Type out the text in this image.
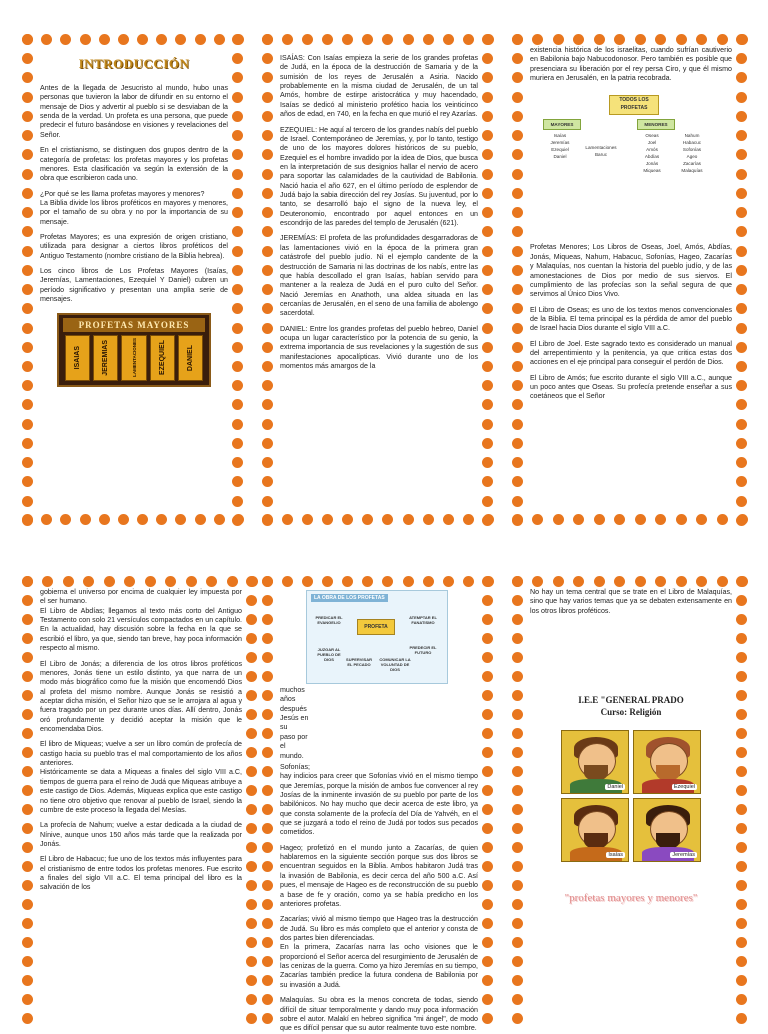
INTRODUCCIÓN

Antes de la llegada de Jesucristo al mundo, hubo unas personas que tuvieron la labor de difundir en su entorno el mensaje de Dios y advertir al pueblo si se desviaban de la senda de la verdad. Un profeta es una persona, que puede predecir el futuro basándose en visiones y revelaciones del Señor.

En el cristianismo, se distinguen dos grupos dentro de la categoría de profetas: los profetas mayores y los profetas menores. Esta clasificación va según la extensión de la obra que escribieron cada uno.

¿Por qué se les llama profetas mayores y menores?
La Biblia divide los libros proféticos en mayores y menores, por el tamaño de su obra y no por la importancia de su mensaje.

Profetas Mayores; es una expresión de origen cristiano, utilizada para designar a ciertos libros proféticos del Antiguo Testamento (nombre cristiano de la Biblia hebrea).

Los cinco libros de Los Profetas Mayores (Isaías, Jeremías, Lamentaciones, Ezequiel Y Daniel) cubren un período significativo y presentan una amplia serie de mensajes.

PROFETAS MAYORES
ISAIAS	JEREMIAS	LAMENTACIONES	EZEQUIEL	DANIEL

ISAÍAS: Con Isaías empieza la serie de los grandes profetas de Judá, en la época de la destrucción de Samaria y de la sumisión de los reyes de Jerusalén a Asiria. Nacido probablemente en la misma ciudad de Jerusalén, de un tal Amós, hombre de estirpe aristocrática y muy hacendado, Isaías se dedicó al ministerio profético hacia los veinticinco años de edad, en 740, en la fecha en que murió el rey Azarías.

EZEQUIEL: He aquí al tercero de los grandes nabís del pueblo de Israel. Contemporáneo de Jeremías, y, por lo tanto, testigo de uno de los mayores dolores históricos de su pueblo, Ezequiel es el hombre invadido por la idea de Dios, que busca en la interpretación de sus designios hallar el nervio de acero para soportar las calamidades de la cautividad de Babilonia. Nació hacia el año 627, en el último período de esplendor de Judá bajo la sabia dirección del rey Josías. Su juventud, por lo tanto, se desarrolló bajo el signo de la nueva ley, el Deuteronomio, encontrado por aquel entonces en un escondrijo de las paredes del templo de Jerusalén (621).

JEREMÍAS: El profeta de las profundidades desgarradoras de las lamentaciones vivió en la época de la primera gran catástrofe del pueblo judío. Ni el ejemplo candente de la destrucción de Samaria ni las doctrinas de los nabís, entre las que había descollado el gran Isaías, habían servido para mantener a la realeza de Judá en el puro culto del Señor. Nació Jeremías en Anathoth, una aldea situada en las cercanías de Jerusalén, en el seno de una familia de abolengo sacerdotal.

DANIEL: Entre los grandes profetas del pueblo hebreo, Daniel ocupa un lugar característico por la potencia de su genio, la extrema importancia de sus revelaciones y la sugestión de sus manifestaciones apocalípticas. Vivió durante uno de los momentos más amargos de la

existencia histórica de los israelitas, cuando sufrían cautiverio en Babilonia bajo Nabucodonosor. Pero también es posible que presenciara su liberación por el rey persa Ciro, y que él mismo muriera en Jerusalén, en la patria recobrada.

TODOS LOS PROFETAS
MAYORES	MENORES
Isaías
Jeremías
Ezequiel
Daniel
Lamentaciones
Baruc
Oseas
Joel
Amós
Abdías
Jonás
Miqueas
Nahum
Habacuc
Sofonías
Ageo
Zacarías
Malaquías

Profetas Menores; Los Libros de Oseas, Joel, Amós, Abdías, Jonás, Miqueas, Nahum, Habacuc, Sofonías, Hageo, Zacarías y Malaquías, nos cuentan la historia del pueblo judío, y de las amonestaciones de Dios por medio de sus siervos. El cumplimiento de las profecías son la señal segura de que servimos al Único Dios Vivo.

El Libro de Oseas; es uno de los textos menos convencionales de la Biblia. El tema principal es la pérdida de amor del pueblo de Israel hacia Dios durante el siglo VIII a.C.

El Libro de Joel. Este sagrado texto es considerado un manual del arrepentimiento y la penitencia, ya que critica estas dos acciones en el eje principal para conseguir el perdón de Dios.

El Libro de Amós; fue escrito durante el siglo VIII a.C., aunque un poco antes que Oseas. Su profecía pretende enseñar a sus coetáneos que el Señor

gobierna el universo por encima de cualquier ley impuesta por el ser humano.
El Libro de Abdías; llegamos al texto más corto del Antiguo Testamento con solo 21 versículos compactados en un capítulo. En la actualidad, hay discusión sobre la fecha en la que se escribió el libro, ya que, siendo tan breve, hay poca información respecto al mismo.

El Libro de Jonás; a diferencia de los otros libros proféticos menores, Jonás tiene un estilo distinto, ya que narra de un modo más biográfico como fue la misión que encomendó Dios al profeta del mismo nombre. Aunque Jonás se resistió a aceptar dicha misión, el Señor hizo que se le arrojara al agua y fuera tragado por un pez durante unos días. Allí dentro, Jonás oró profundamente y decidió aceptar la misión que le encomendaba Dios.

El libro de Miqueas; vuelve a ser un libro común de profecía de castigo hacia su pueblo tras el mal comportamiento de los años anteriores.
Históricamente se data a Miqueas a finales del siglo VIII a.C, tiempos de guerra para el reino de Judá que Miqueas atribuye a este castigo de Dios. Además, Miqueas explica que este castigo no tiene otro objetivo que renovar al pueblo de Israel, siendo la cumbre de este proceso la llegada del Mesías.

La profecía de Nahum; vuelve a estar dedicada a la ciudad de Nínive, aunque unos 150 años más tarde que la realizada por Jonás.

El Libro de Habacuc; fue uno de los textos más influyentes para el cristianismo de entre todos los profetas menores. Fue escrito a finales del siglo VII a.C. El tema principal del libro es la salvación de los

LA OBRA DE LOS PROFETAS
PROFETA
PREDICAR EL EVANGELIO
ATEMPTAR EL FANATISMO
JUZGAR AL PUEBLO DE DIOS	SUPERVISAR EL PECADO
COMUNICAR LA VOLUNTAD DE DIOS
PREDECIR EL FUTURO
muchos
años
después
Jesús en
su
paso por
el
mundo.

Sofonías;
hay indicios para creer que Sofonías vivió en el mismo tiempo que Jeremías, porque la misión de ambos fue convencer al rey Josías de la inminente invasión de su pueblo por parte de los babilónicos. No hay mucho que decir acerca de este libro, ya que consta solamente de la profecía del Día de Yahvéh, en el que se juzgará a todo el reino de Judá por todos sus pecados cometidos.

Hageo; profetizó en el mundo junto a Zacarías, de quien hablaremos en la siguiente sección porque sus dos libros se encuentran seguidos en la Biblia. Ambos habitaron Judá tras la invasión de Babilonia, es decir cerca del año 500 a.C. Así pues, el mensaje de Hageo es de reconstrucción de su pueblo a base de fe y oración, como ya se había predicho en los anteriores profetas.

Zacarías; vivió al mismo tiempo que Hageo tras la destrucción de Judá. Su libro es más completo que el anterior y consta de dos partes bien diferenciadas.
En la primera, Zacarías narra las ocho visiones que le proporcionó el Señor acerca del resurgimiento de Jerusalén de las cenizas de la guerra. Como ya hizo Jeremías en su tiempo, Zacarías también predice la futura condena de Babilonia por su invasión a Judá.

Malaquías. Su obra es la menos concreta de todas, siendo difícil de situar temporalmente y dando muy poca información sobre el autor. Malakí en hebreo significa "mi ángel", de modo que es difícil pensar que su autor realmente tuvo este nombre.

No hay un tema central que se trate en el Libro de Malaquías, sino que hay varios temas que ya se debaten extensamente en los otros libros proféticos.

I.E.E "GENERAL PRADO
Curso: Religión
Daniel	Ezequiel
Isaías	Jeremías
"profetas mayores y menores"
